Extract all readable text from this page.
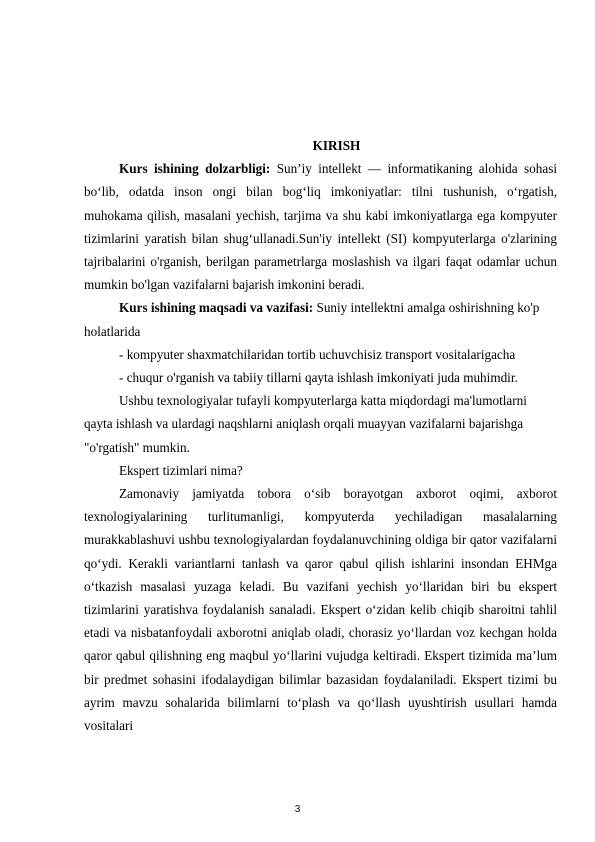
KIRISH

Kurs ishining dolzarbligi: Sun’iy intellekt — informatikaning alohida sohasi bo‘lib, odatda inson ongi bilan bog‘liq imkoniyatlar: tilni tushunish, o‘rgatish, muhokama qilish, masalani yechish, tarjima va shu kabi imkoniyatlarga ega kompyuter tizimlarini yaratish bilan shug‘ullanadi.Sun'iy intellekt (SI) kompyuterlarga o'zlarining tajribalarini o'rganish, berilgan parametrlarga moslashish va ilgari faqat odamlar uchun mumkin bo'lgan vazifalarni bajarish imkonini beradi.

Kurs ishining maqsadi va vazifasi: Suniy intellektni amalga oshirishning ko'p holatlarida

- kompyuter shaxmatchilaridan tortib uchuvchisiz transport vositalarigacha

- chuqur o'rganish va tabiiy tillarni qayta ishlash imkoniyati juda muhimdir.

Ushbu texnologiyalar tufayli kompyuterlarga katta miqdordagi ma'lumotlarni qayta ishlash va ulardagi naqshlarni aniqlash orqali muayyan vazifalarni bajarishga "o'rgatish" mumkin.

Ekspert tizimlari nima?

Zamonaviy jamiyatda tobora o‘sib borayotgan axborot oqimi, axborot texnologiyalarining turlitumanligi, kompyuterda yechiladigan masalalarning murakkablashuvi ushbu texnologiyalardan foydalanuvchining oldiga bir qator vazifalarni qo‘ydi. Kerakli variantlarni tanlash va qaror qabul qilish ishlarini insondan EHMga o‘tkazish masalasi yuzaga keladi. Bu vazifani yechish yo‘llaridan biri bu ekspert tizimlarini yaratishva foydalanish sanaladi. Ekspert o‘zidan kelib chiqib sharoitni tahlil etadi va nisbatanfoydali axborotni aniqlab oladi, chorasiz yo‘llardan voz kechgan holda qaror qabul qilishning eng maqbul yo‘llarini vujudga keltiradi. Ekspert tizimida ma’lum bir predmet sohasini ifodalaydigan bilimlar bazasidan foydalaniladi. Ekspert tizimi bu ayrim mavzu sohalarida bilimlarni to‘plash va qo‘llash uyushtirish usullari hamda vositalari

3
